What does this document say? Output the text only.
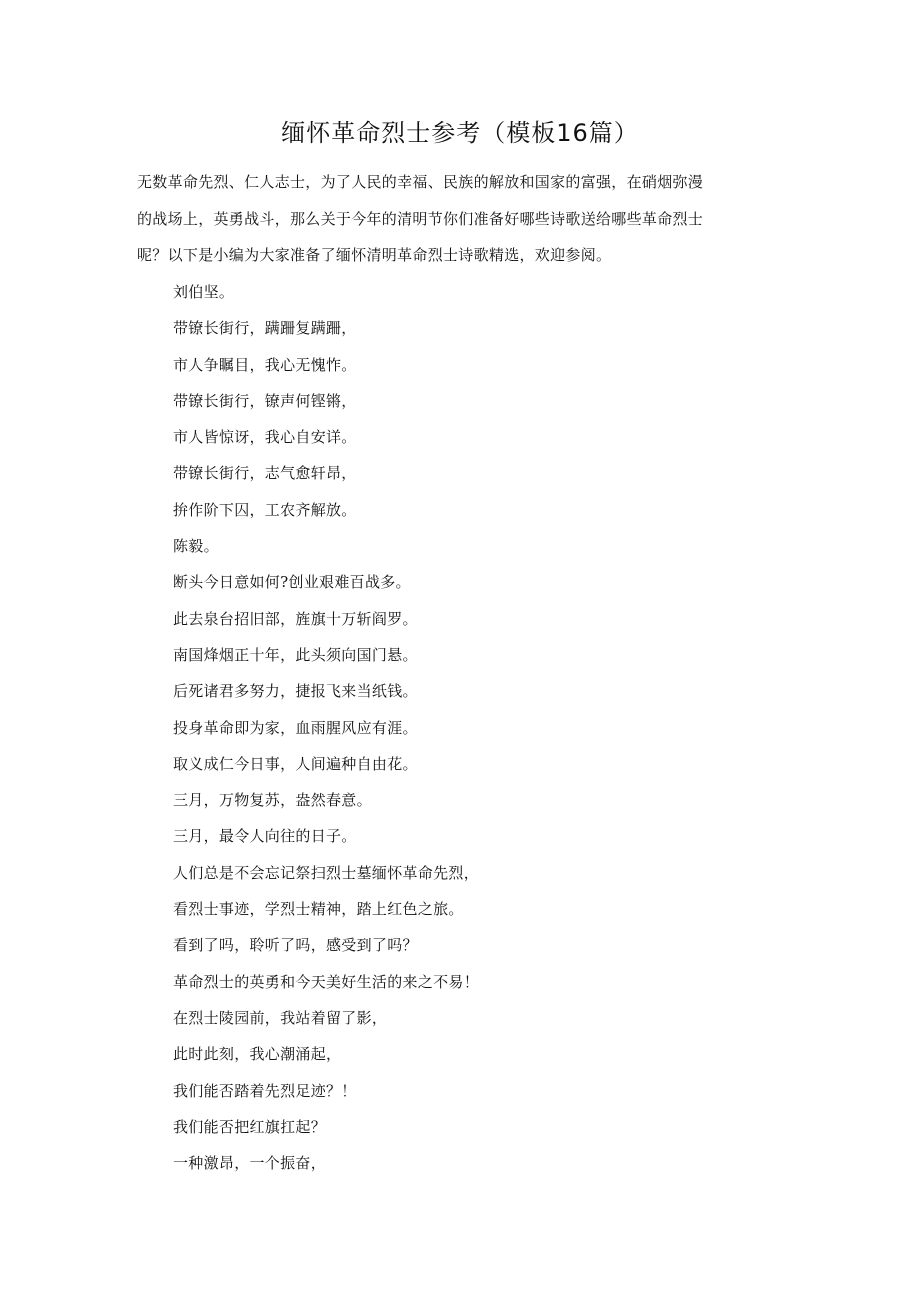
缅怀革命烈士参考（模板16篇）
无数革命先烈、仁人志士，为了人民的幸福、民族的解放和国家的富强，在硝烟弥漫
的战场上，英勇战斗，那么关于今年的清明节你们准备好哪些诗歌送给哪些革命烈士
呢？以下是小编为大家准备了缅怀清明革命烈士诗歌精选，欢迎参阅。
刘伯坚。
带镣长街行，蹒跚复蹒跚，
市人争瞩目，我心无愧怍。
带镣长街行，镣声何铿锵，
市人皆惊讶，我心自安详。
带镣长街行，志气愈轩昂，
拚作阶下囚，工农齐解放。
陈毅。
断头今日意如何?创业艰难百战多。
此去泉台招旧部，旌旗十万斩阎罗。
南国烽烟正十年，此头须向国门悬。
后死诸君多努力，捷报飞来当纸钱。
投身革命即为家，血雨腥风应有涯。
取义成仁今日事，人间遍种自由花。
三月，万物复苏，盎然春意。
三月，最令人向往的日子。
人们总是不会忘记祭扫烈士墓缅怀革命先烈，
看烈士事迹，学烈士精神，踏上红色之旅。
看到了吗，聆听了吗，感受到了吗？
革命烈士的英勇和今天美好生活的来之不易！
在烈士陵园前，我站着留了影，
此时此刻，我心潮涌起，
我们能否踏着先烈足迹？！
我们能否把红旗扛起？
一种激昂，一个振奋，
